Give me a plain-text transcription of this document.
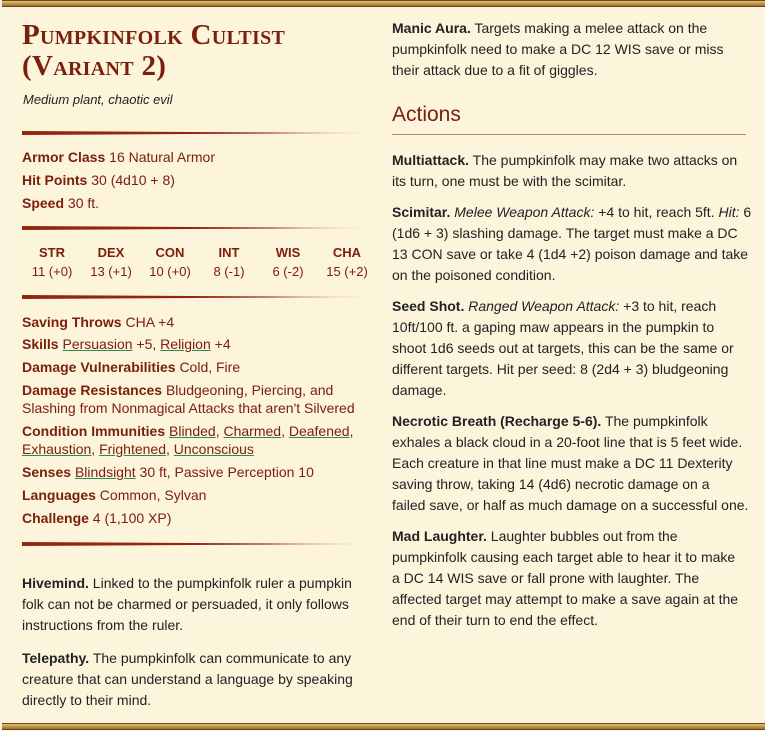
Pumpkinfolk Cultist (Variant 2)
Medium plant, chaotic evil
Armor Class 16 Natural Armor
Hit Points 30 (4d10 + 8)
Speed 30 ft.
STR
11 (+0)
DEX
13 (+1)
CON
10 (+0)
INT
8 (-1)
WIS
6 (-2)
CHA
15 (+2)
Saving Throws CHA +4
Skills Persuasion +5, Religion +4
Damage Vulnerabilities Cold, Fire
Damage Resistances Bludgeoning, Piercing, and
Slashing from Nonmagical Attacks that aren't Silvered
Condition Immunities Blinded, Charmed, Deafened,
Exhaustion, Frightened, Unconscious
Senses Blindsight 30 ft, Passive Perception 10
Languages Common, Sylvan
Challenge 4 (1,100 XP)
Hivemind. Linked to the pumpkinfolk ruler a pumpkin
folk can not be charmed or persuaded, it only follows
instructions from the ruler.
Telepathy. The pumpkinfolk can communicate to any
creature that can understand a language by speaking
directly to their mind.
Manic Aura. Targets making a melee attack on the
pumpkinfolk need to make a DC 12 WIS save or miss
their attack due to a fit of giggles.
Actions
Multiattack. The pumpkinfolk may make two attacks on
its turn, one must be with the scimitar.
Scimitar. Melee Weapon Attack: +4 to hit, reach 5ft. Hit: 6
(1d6 + 3) slashing damage. The target must make a DC
13 CON save or take 4 (1d4 +2) poison damage and take
on the poisoned condition.
Seed Shot. Ranged Weapon Attack: +3 to hit, reach
10ft/100 ft. a gaping maw appears in the pumpkin to
shoot 1d6 seeds out at targets, this can be the same or
different targets. Hit per seed: 8 (2d4 + 3) bludgeoning
damage.
Necrotic Breath (Recharge 5-6). The pumpkinfolk
exhales a black cloud in a 20-foot line that is 5 feet wide.
Each creature in that line must make a DC 11 Dexterity
saving throw, taking 14 (4d6) necrotic damage on a
failed save, or half as much damage on a successful one.
Mad Laughter. Laughter bubbles out from the
pumpkinfolk causing each target able to hear it to make
a DC 14 WIS save or fall prone with laughter. The
affected target may attempt to make a save again at the
end of their turn to end the effect.
